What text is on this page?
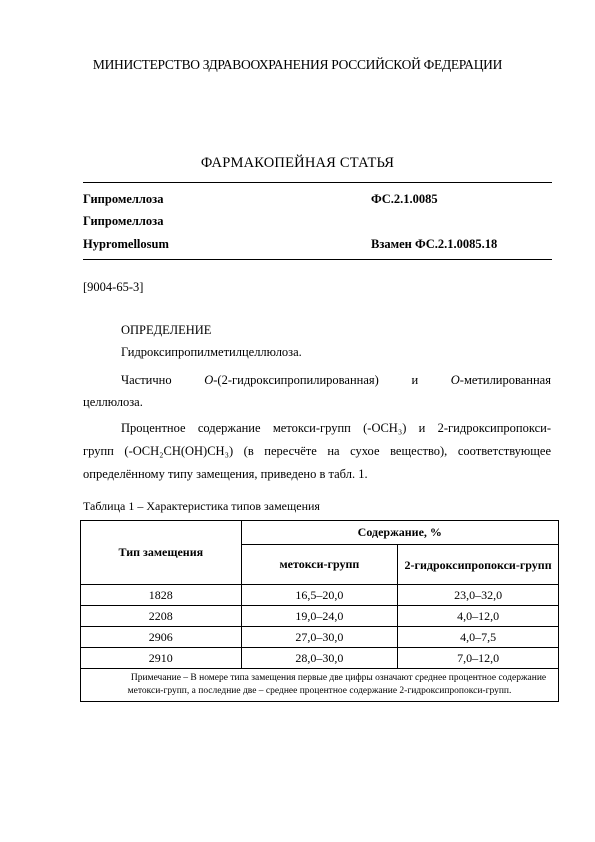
МИНИСТЕРСТВО ЗДРАВООХРАНЕНИЯ РОССИЙСКОЙ ФЕДЕРАЦИИ
ФАРМАКОПЕЙНАЯ СТАТЬЯ
Гипромеллоза	ФС.2.1.0085
Гипромеллоза
Hypromellosum	Взамен ФС.2.1.0085.18
[9004-65-3]
ОПРЕДЕЛЕНИЕ
Гидроксипропилметилцеллюлоза.
Частично	O-(2-гидроксипропилированная)	и	O-метилированная
целлюлоза.
Процентное содержание метокси-групп (-OCH₃) и 2-гидроксипропокси-
групп (-OCH₂CH(OH)CH₃) (в пересчёте на сухое вещество), соответствующее
определённому типу замещения, приведено в табл. 1.
Таблица 1 – Характеристика типов замещения
Тип замещения	Содержание, %	
	метокси-групп	2-гидроксипропокси-групп
1828	16,5–20,0	23,0–32,0
2208	19,0–24,0	4,0–12,0
2906	27,0–30,0	4,0–7,5
2910	28,0–30,0	7,0–12,0
Примечание – В номере типа замещения первые две цифры означают среднее процентное содержание метокси-групп, а последние две – среднее процентное содержание 2-гидроксипропокси-групп.		
